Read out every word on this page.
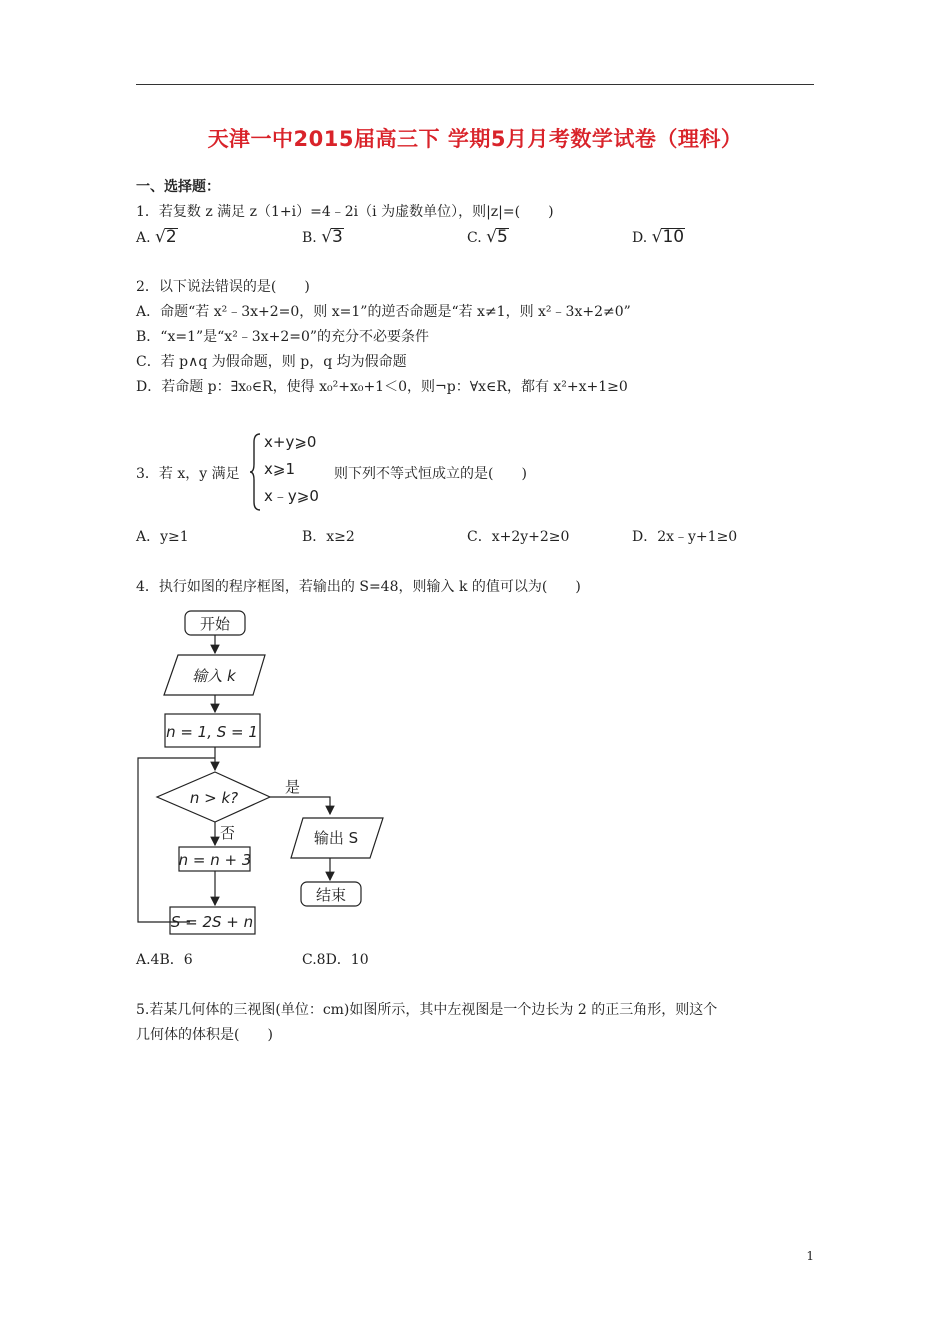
天津一中2015届高三下 学期5月月考数学试卷（理科）
一、选择题：
1．若复数 z 满足 z（1+i）=4﹣2i（i 为虚数单位），则|z|=(　　)
A. √2	B. √3	C. √5	D. √10
2．以下说法错误的是(　　)
A．命题“若 x²﹣3x+2=0，则 x=1”的逆否命题是“若 x≠1，则 x²﹣3x+2≠0”
B．“x=1”是“x²﹣3x+2=0”的充分不必要条件
C．若 p∧q 为假命题，则 p，q 均为假命题
D．若命题 p：∃x₀∈R，使得 x₀²+x₀+1＜0，则¬p：∀x∈R，都有 x²+x+1≥0
3．若 x，y 满足
x+y⩾0
x⩾1
x﹣y⩾0
则下列不等式恒成立的是(　　)
A．y≥1	B．x≥2	C．x+2y+2≥0	D．2x﹣y+1≥0
4．执行如图的程序框图，若输出的 S=48，则输入 k 的值可以为(　　)
开始
输入 k
n = 1, S = 1
n > k?
是
否
n = n + 3
S = 2S + n
输出 S
结束
A.4B．6	C.8D．10
5.若某几何体的三视图(单位：cm)如图所示，其中左视图是一个边长为 2 的正三角形，则这个
几何体的体积是(　　)
1
